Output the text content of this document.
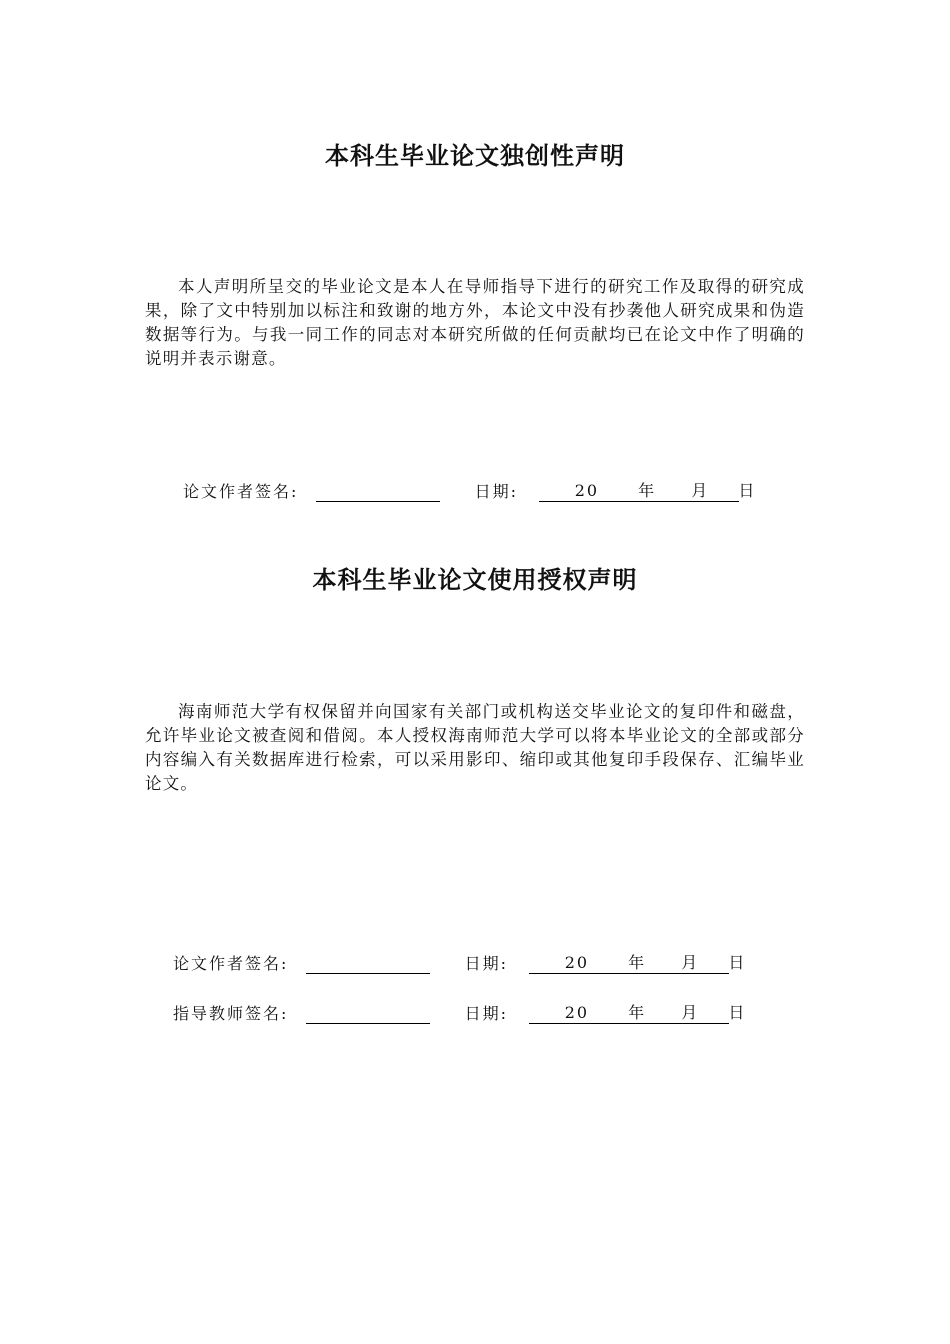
本科生毕业论文独创性声明
本人声明所呈交的毕业论文是本人在导师指导下进行的研究工作及取得的研究成果，除了文中特别加以标注和致谢的地方外，本论文中没有抄袭他人研究成果和伪造数据等行为。与我一同工作的同志对本研究所做的任何贡献均已在论文中作了明确的说明并表示谢意。
论文作者签名:	日期:	20 年 月 日
本科生毕业论文使用授权声明
海南师范大学有权保留并向国家有关部门或机构送交毕业论文的复印件和磁盘，允许毕业论文被查阅和借阅。本人授权海南师范大学可以将本毕业论文的全部或部分内容编入有关数据库进行检索，可以采用影印、缩印或其他复印手段保存、汇编毕业论文。
论文作者签名:	日期:	20 年 月 日
指导教师签名:	日期:	20 年 月 日
